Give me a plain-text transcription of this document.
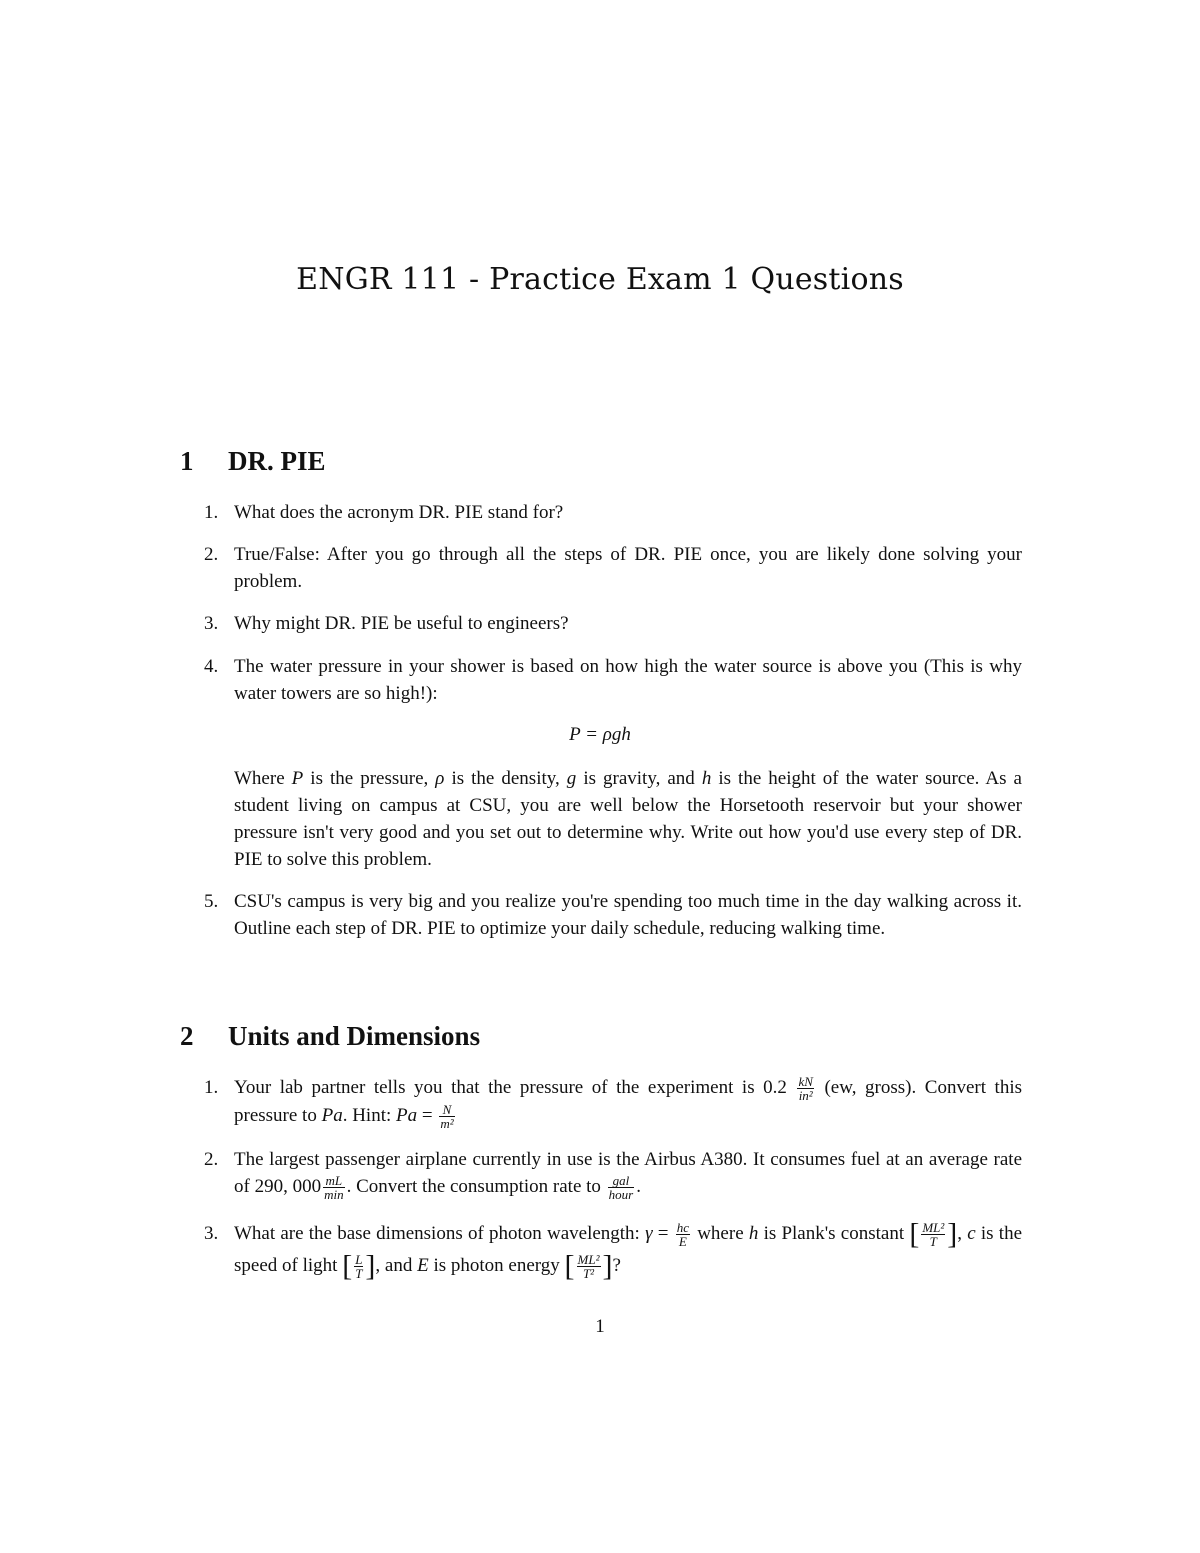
ENGR 111 - Practice Exam 1 Questions
1 DR. PIE
1. What does the acronym DR. PIE stand for?
2. True/False: After you go through all the steps of DR. PIE once, you are likely done solving your problem.
3. Why might DR. PIE be useful to engineers?
4. The water pressure in your shower is based on how high the water source is above you (This is why water towers are so high!):
P = ρgh
Where P is the pressure, ρ is the density, g is gravity, and h is the height of the water source. As a student living on campus at CSU, you are well below the Horsetooth reservoir but your shower pressure isn't very good and you set out to determine why. Write out how you'd use every step of DR. PIE to solve this problem.
5. CSU's campus is very big and you realize you're spending too much time in the day walking across it. Outline each step of DR. PIE to optimize your daily schedule, reducing walking time.
2 Units and Dimensions
1. Your lab partner tells you that the pressure of the experiment is $0.2 \frac{kN}{\text{in²}} (ew$, gross). Convert this pressure to Pa. Hint: $Pa = \frac{N}{\text{m²}}$
2. The largest passenger airplane currently in use is the Airbus A380. It consumes fuel at an average rate of 290, $000 \frac{mL}{\min}$ . Convert the consumption rate to $\frac{\text{gal}}{\text{hour}}$ .
3. What are the base dimensions of photon wavelength: $\gamma = \frac{hc}{E}$ where h is Plank's constant [ $\frac{\text{ML²}}{T}$ ], c is the speed of light [ $\frac{L}{T}$ ], and E is photon energy [ $\frac{\text{ML²}}{\text{T²}}$ ]?
1
